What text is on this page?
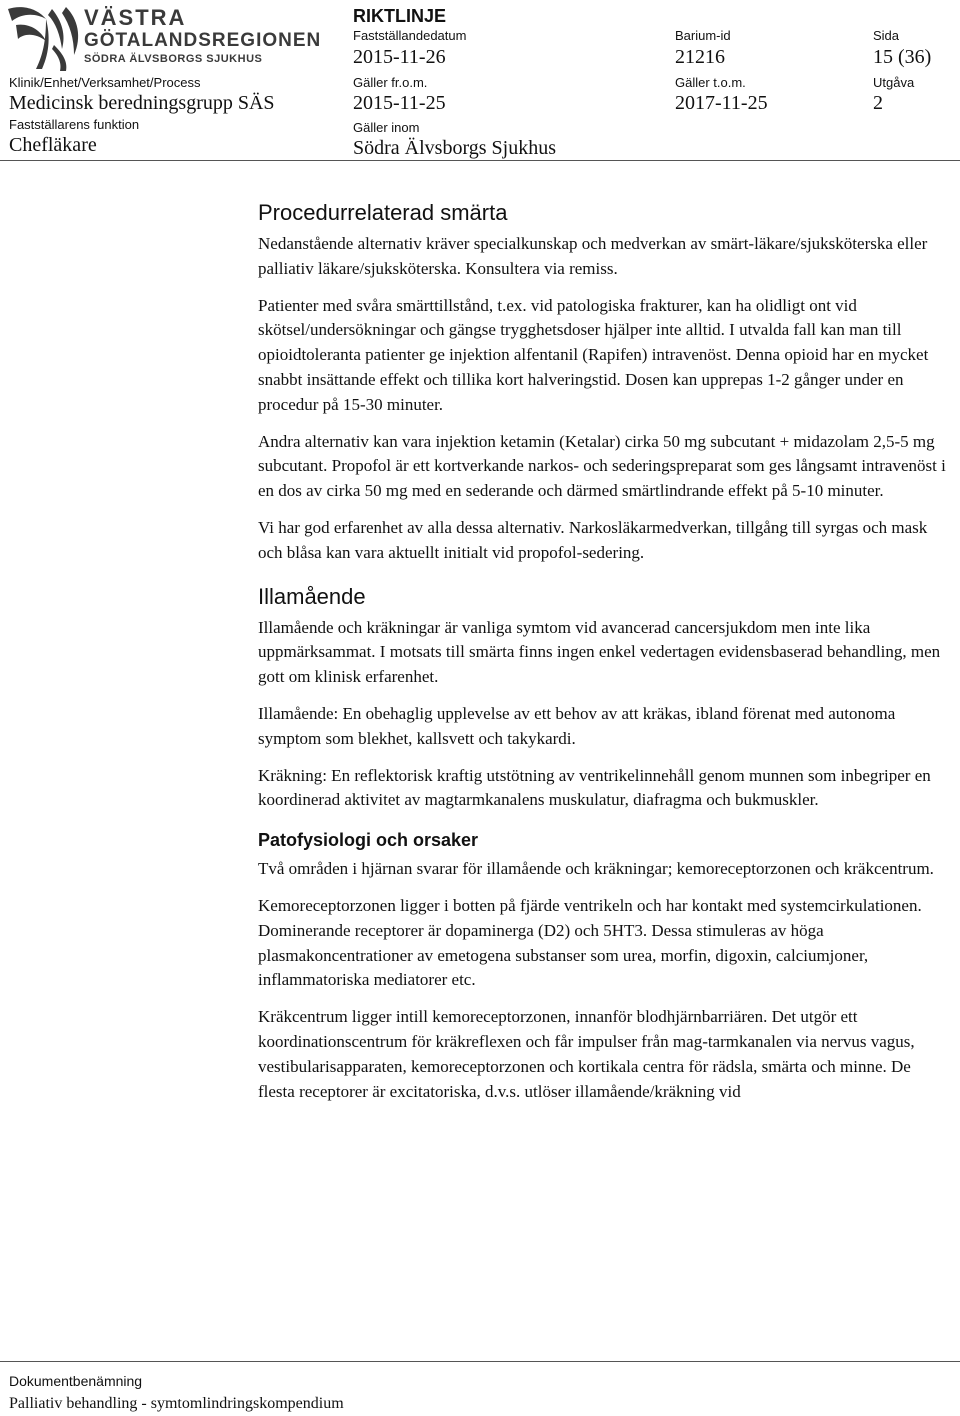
VÄSTRA
GÖTALANDSREGIONEN
SÖDRA ÄLVSBORGS SJUKHUS
RIKTLINJE
Fastställandedatum
2015-11-26
Barium-id
21216
Sida
15 (36)
Klinik/Enhet/Verksamhet/Process
Medicinsk beredningsgrupp SÄS
Gäller fr.o.m.
2015-11-25
Gäller t.o.m.
2017-11-25
Utgåva
2
Fastställarens funktion
Chefläkare
Gäller inom
Södra Älvsborgs Sjukhus
Procedurrelaterad smärta

Nedanstående alternativ kräver specialkunskap och medverkan av smärt-läkare/sjuksköterska eller palliativ läkare/sjuksköterska. Konsultera via remiss.

Patienter med svåra smärttillstånd, t.ex. vid patologiska frakturer, kan ha olidligt ont vid skötsel/undersökningar och gängse trygghetsdoser hjälper inte alltid. I utvalda fall kan man till opioidtoleranta patienter ge injektion alfentanil (Rapifen) intravenöst. Denna opioid har en mycket snabbt insättande effekt och tillika kort halveringstid. Dosen kan upprepas 1-2 gånger under en procedur på 15-30 minuter.

Andra alternativ kan vara injektion ketamin (Ketalar) cirka 50 mg subcutant + midazolam 2,5-5 mg subcutant. Propofol är ett kortverkande narkos- och sederingspreparat som ges långsamt intravenöst i en dos av cirka 50 mg med en sederande och därmed smärtlindrande effekt på 5-10 minuter.

Vi har god erfarenhet av alla dessa alternativ. Narkosläkarmedverkan, tillgång till syrgas och mask och blåsa kan vara aktuellt initialt vid propofol-sedering.

Illamående

Illamående och kräkningar är vanliga symtom vid avancerad cancersjukdom men inte lika uppmärksammat. I motsats till smärta finns ingen enkel vedertagen evidensbaserad behandling, men gott om klinisk erfarenhet.

Illamående: En obehaglig upplevelse av ett behov av att kräkas, ibland förenat med autonoma symptom som blekhet, kallsvett och takykardi.

Kräkning: En reflektorisk kraftig utstötning av ventrikelinnehåll genom munnen som inbegriper en koordinerad aktivitet av magtarmkanalens muskulatur, diafragma och bukmuskler.

Patofysiologi och orsaker

Två områden i hjärnan svarar för illamående och kräkningar; kemoreceptorzonen och kräkcentrum.

Kemoreceptorzonen ligger i botten på fjärde ventrikeln och har kontakt med systemcirkulationen. Dominerande receptorer är dopaminerga (D2) och 5HT3. Dessa stimuleras av höga plasmakoncentrationer av emetogena substanser som urea, morfin, digoxin, calciumjoner, inflammatoriska mediatorer etc.

Kräkcentrum ligger intill kemoreceptorzonen, innanför blodhjärnbarriären. Det utgör ett koordinationscentrum för kräkreflexen och får impulser från mag-tarmkanalen via nervus vagus, vestibularisapparaten, kemoreceptorzonen och kortikala centra för rädsla, smärta och minne. De flesta receptorer är excitatoriska, d.v.s. utlöser illamående/kräkning vid

Dokumentbenämning
Palliativ behandling - symtomlindringskompendium
